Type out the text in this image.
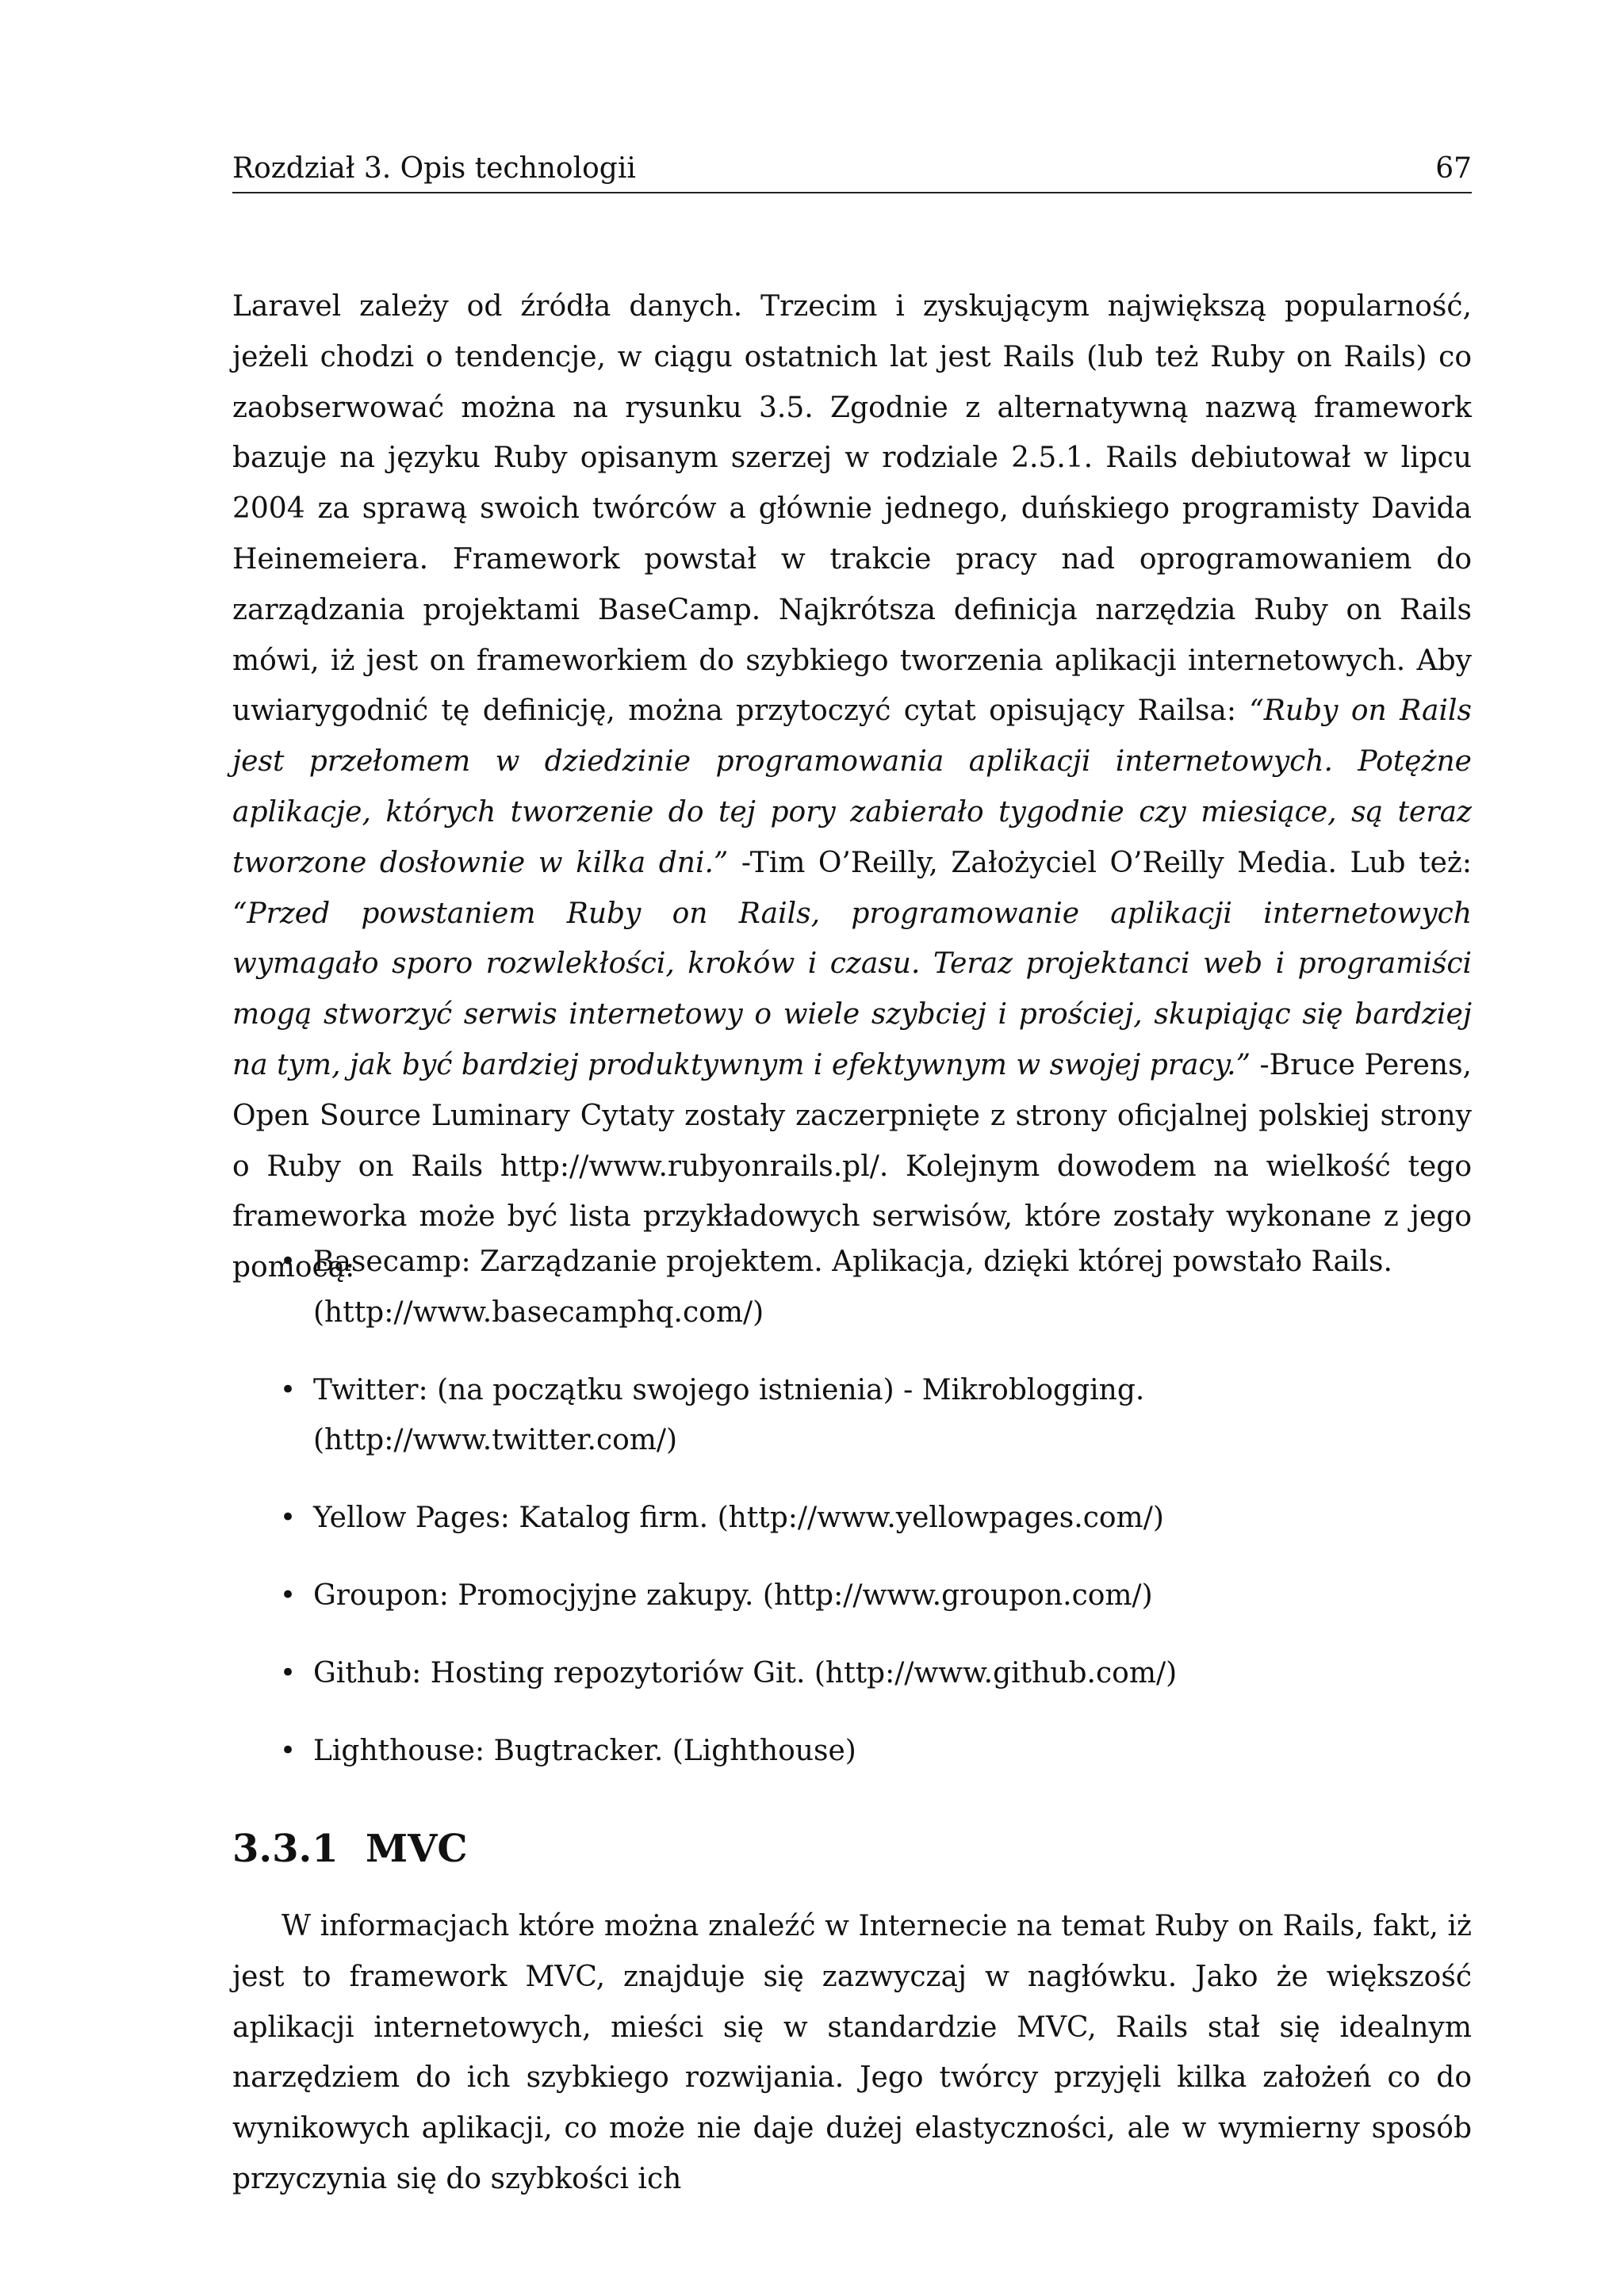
Rozdział 3. Opis technologii	67
Laravel zależy od źródła danych. Trzecim i zyskującym największą popularność, jeżeli chodzi o tendencje, w ciągu ostatnich lat jest Rails (lub też Ruby on Rails) co zaobserwować można na rysunku 3.5. Zgodnie z alternatywną nazwą framework bazuje na języku Ruby opisanym szerzej w rodziale 2.5.1. Rails debiutował w lipcu 2004 za sprawą swoich twórców a głównie jednego, duńskiego programisty Davida Heinemeiera. Framework powstał w trakcie pracy nad oprogramowaniem do zarządzania projektami BaseCamp. Najkrótsza definicja narzędzia Ruby on Rails mówi, iż jest on frameworkiem do szybkiego tworzenia aplikacji internetowych. Aby uwiarygodnić tę definicję, można przytoczyć cytat opisujący Railsa: “Ruby on Rails jest przełomem w dziedzinie programowania aplikacji internetowych. Potężne aplikacje, których tworzenie do tej pory zabierało tygodnie czy miesiące, są teraz tworzone dosłownie w kilka dni.” -Tim O’Reilly, Założyciel O’Reilly Media. Lub też: “Przed powstaniem Ruby on Rails, programowanie aplikacji internetowych wymagało sporo rozwlekłości, kroków i czasu. Teraz projektanci web i programiści mogą stworzyć serwis internetowy o wiele szybciej i prościej, skupiając się bardziej na tym, jak być bardziej produktywnym i efektywnym w swojej pracy.” -Bruce Perens, Open Source Luminary Cytaty zostały zaczerpnięte z strony oficjalnej polskiej strony o Ruby on Rails http://www.rubyonrails.pl/. Kolejnym dowodem na wielkość tego frameworka może być lista przykładowych serwisów, które zostały wykonane z jego pomocą:
• Basecamp: Zarządzanie projektem. Aplikacja, dzięki której powstało Rails.
(http://www.basecamphq.com/)
• Twitter: (na początku swojego istnienia) - Mikroblogging. (http://www.twitter.com/)
• Yellow Pages: Katalog firm. (http://www.yellowpages.com/)
• Groupon: Promocjyjne zakupy. (http://www.groupon.com/)
• Github: Hosting repozytoriów Git. (http://www.github.com/)
• Lighthouse: Bugtracker. (Lighthouse)
3.3.1 MVC
W informacjach które można znaleźć w Internecie na temat Ruby on Rails, fakt, iż jest to framework MVC, znajduje się zazwyczaj w nagłówku. Jako że większość aplikacji internetowych, mieści się w standardzie MVC, Rails stał się idealnym narzędziem do ich szybkiego rozwijania. Jego twórcy przyjęli kilka założeń co do wynikowych aplikacji, co może nie daje dużej elastyczności, ale w wymierny sposób przyczynia się do szybkości ich
